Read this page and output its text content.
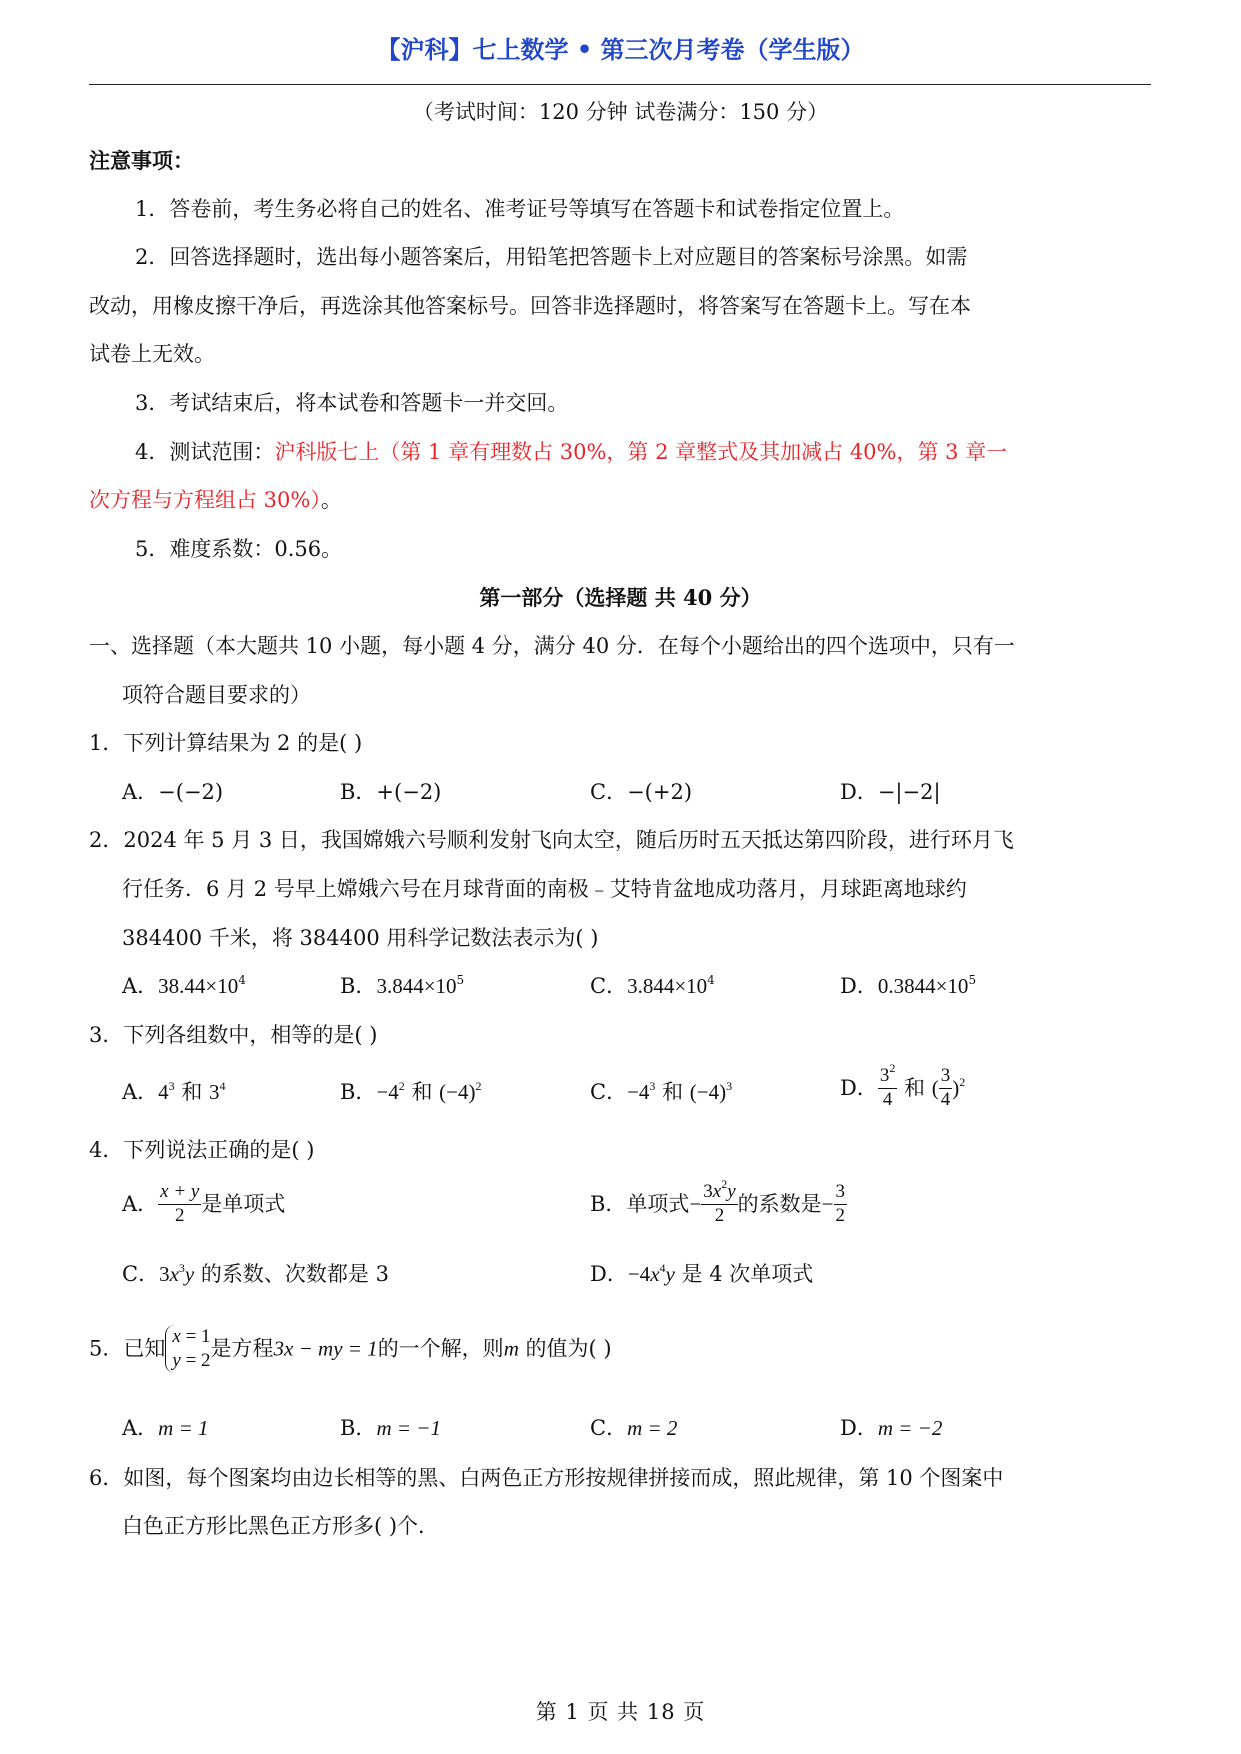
【沪科】七上数学 • 第三次月考卷（学生版）
（考试时间：120 分钟 试卷满分：150 分）
注意事项：
1．答卷前，考生务必将自己的姓名、准考证号等填写在答题卡和试卷指定位置上。
2．回答选择题时，选出每小题答案后，用铅笔把答题卡上对应题目的答案标号涂黑。如需
改动，用橡皮擦干净后，再选涂其他答案标号。回答非选择题时，将答案写在答题卡上。写在本
试卷上无效。
3．考试结束后，将本试卷和答题卡一并交回。
4．测试范围：沪科版七上（第 1 章有理数占 30%，第 2 章整式及其加减占 40%，第 3 章一
次方程与方程组占 30%）。
5．难度系数：0.56。
第一部分（选择题 共 40 分）
一、选择题（本大题共 10 小题，每小题 4 分，满分 40 分．在每个小题给出的四个选项中，只有一
项符合题目要求的）
1．下列计算结果为 2 的是( )
A．−(−2)	B．+(−2)	C．−(+2)	D．−|−2|
2．2024 年 5 月 3 日，我国嫦娥六号顺利发射飞向太空，随后历时五天抵达第四阶段，进行环月飞
行任务．6 月 2 号早上嫦娥六号在月球背面的南极﹣艾特肯盆地成功落月，月球距离地球约
384400 千米，将 384400 用科学记数法表示为( )
A．$38.44\times 10^4$	B．$3.844\times 10^5$	C．$3.844\times 10^4$	D．$0.3844\times 10^5$
3．下列各组数中，相等的是( )
A．$4^3$ 和 $3^4$	B．$-4^2$ 和 $(-4)^2$	C．$-4^3$ 和 $(-4)^3$	D． $\frac{3^2}{4}$ 和 ( $\frac{3}{4} )^2$
4．下列说法正确的是( )
A． $\frac{x + y}{2}$ 是单项式	B．单项式− $\frac{3x^2y}{2}$ 的系数是− $\frac{3}{2}$
C．$3x^3y$ 的系数、次数都是 3	D．$-4x^4y$ 是 4 次单项式
5．已知 x = 1
y = 2是方程3x − my = 1的一个解，则m 的值为( )
A．m = 1	B．m = −1	C．m = 2	D．m = −2
6．如图，每个图案均由边长相等的黑、白两色正方形按规律拼接而成，照此规律，第 10 个图案中
白色正方形比黑色正方形多( )个．
第 1 页 共 18 页
